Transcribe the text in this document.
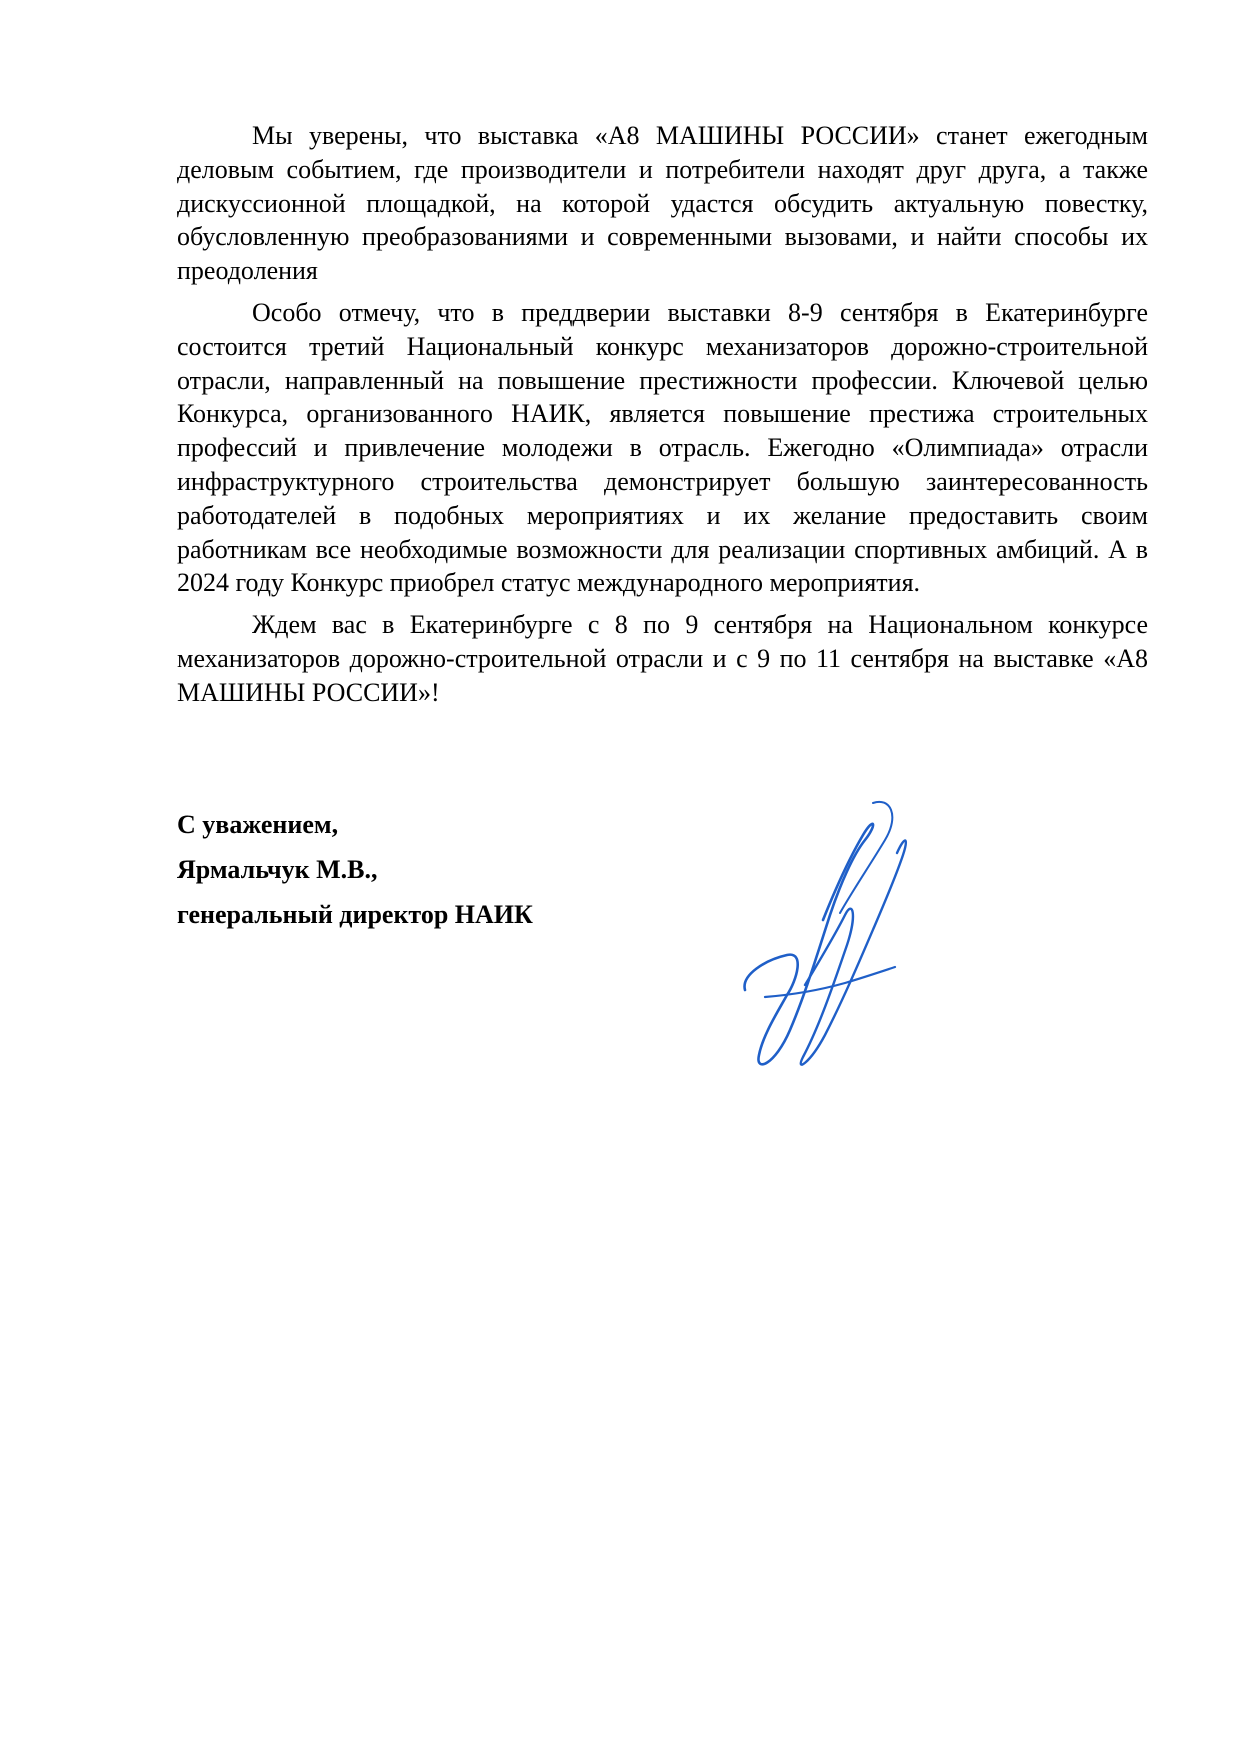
Мы уверены, что выставка «А8 МАШИНЫ РОССИИ» станет ежегодным деловым событием, где производители и потребители находят друг друга, а также дискуссионной площадкой, на которой удастся обсудить актуальную повестку, обусловленную преобразованиями и современными вызовами, и найти способы их преодоления

Особо отмечу, что в преддверии выставки 8-9 сентября в Екатеринбурге состоится третий Национальный конкурс механизаторов дорожно-строительной отрасли, направленный на повышение престижности профессии. Ключевой целью Конкурса, организованного НАИК, является повышение престижа строительных профессий и привлечение молодежи в отрасль. Ежегодно «Олимпиада» отрасли инфраструктурного строительства демонстрирует большую заинтересованность работодателей в подобных мероприятиях и их желание предоставить своим работникам все необходимые возможности для реализации спортивных амбиций. А в 2024 году Конкурс приобрел статус международного мероприятия.

Ждем вас в Екатеринбурге с 8 по 9 сентября на Национальном конкурсе механизаторов дорожно-строительной отрасли и с 9 по 11 сентября на выставке «А8 МАШИНЫ РОССИИ»!

С уважением,
Ярмальчук М.В.,
генеральный директор НАИК
